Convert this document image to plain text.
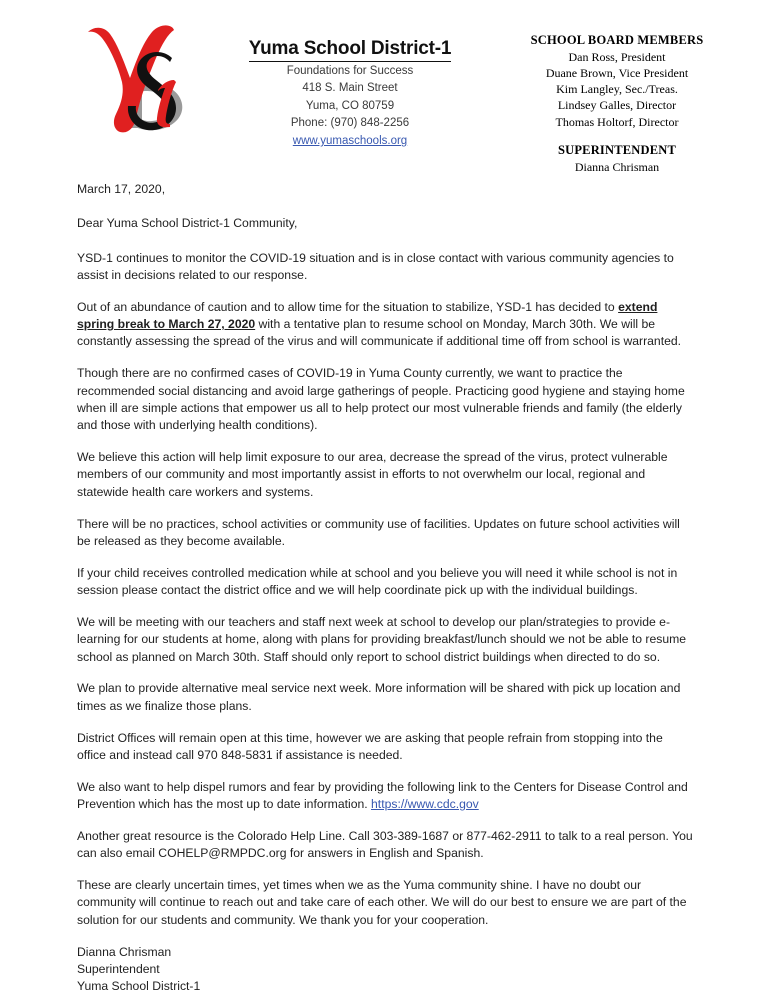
Yuma School District-1
Foundations for Success
418 S. Main Street
Yuma, CO 80759
Phone: (970) 848-2256
www.yumaschools.org
SCHOOL BOARD MEMBERS
Dan Ross, President
Duane Brown, Vice President
Kim Langley, Sec./Treas.
Lindsey Galles, Director
Thomas Holtorf, Director
SUPERINTENDENT
Dianna Chrisman

March 17, 2020,

Dear Yuma School District-1 Community,

YSD-1 continues to monitor the COVID-19 situation and is in close contact with various community agencies to assist in decisions related to our response.

Out of an abundance of caution and to allow time for the situation to stabilize, YSD-1 has decided to extend spring break to March 27, 2020 with a tentative plan to resume school on Monday, March 30th. We will be constantly assessing the spread of the virus and will communicate if additional time off from school is warranted.

Though there are no confirmed cases of COVID-19 in Yuma County currently, we want to practice the recommended social distancing and avoid large gatherings of people. Practicing good hygiene and staying home when ill are simple actions that empower us all to help protect our most vulnerable friends and family (the elderly and those with underlying health conditions).

We believe this action will help limit exposure to our area, decrease the spread of the virus, protect vulnerable members of our community and most importantly assist in efforts to not overwhelm our local, regional and statewide health care workers and systems.

There will be no practices, school activities or community use of facilities. Updates on future school activities will be released as they become available.

If your child receives controlled medication while at school and you believe you will need it while school is not in session please contact the district office and we will help coordinate pick up with the individual buildings.

We will be meeting with our teachers and staff next week at school to develop our plan/strategies to provide e-learning for our students at home, along with plans for providing breakfast/lunch should we not be able to resume school as planned on March 30th. Staff should only report to school district buildings when directed to do so.

We plan to provide alternative meal service next week. More information will be shared with pick up location and times as we finalize those plans.

District Offices will remain open at this time, however we are asking that people refrain from stopping into the office and instead call 970 848-5831 if assistance is needed.

We also want to help dispel rumors and fear by providing the following link to the Centers for Disease Control and Prevention which has the most up to date information. https://www.cdc.gov

Another great resource is the Colorado Help Line. Call 303-389-1687 or 877-462-2911 to talk to a real person. You can also email COHELP@RMPDC.org for answers in English and Spanish.

These are clearly uncertain times, yet times when we as the Yuma community shine. I have no doubt our community will continue to reach out and take care of each other. We will do our best to ensure we are part of the solution for our students and community. We thank you for your cooperation.

Dianna Chrisman
Superintendent
Yuma School District-1
